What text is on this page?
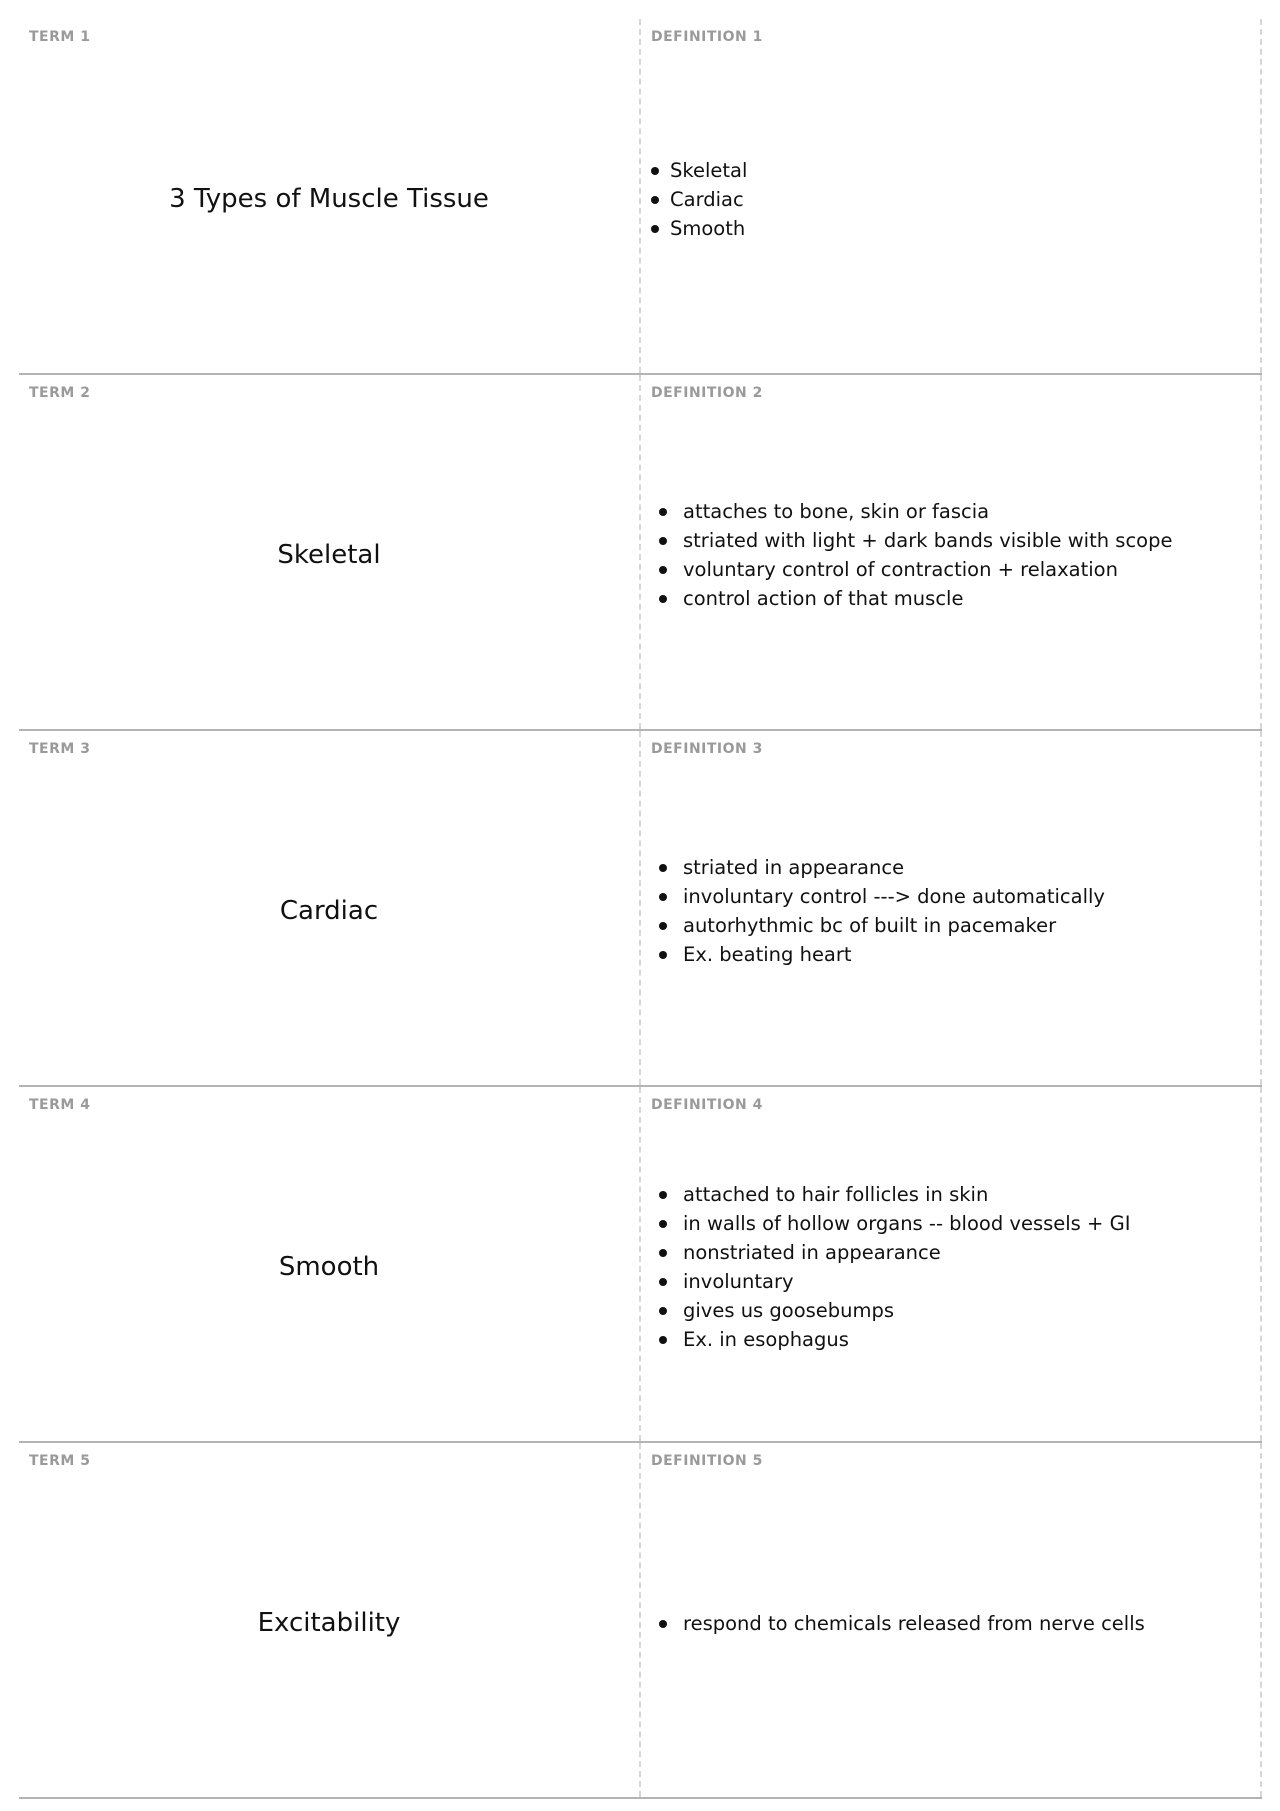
TERM 1
3 Types of Muscle Tissue
DEFINITION 1
Skeletal
Cardiac
Smooth
TERM 2
Skeletal
DEFINITION 2
attaches to bone, skin or fascia
striated with light + dark bands visible with scope
voluntary control of contraction + relaxation
control action of that muscle
TERM 3
Cardiac
DEFINITION 3
striated in appearance
involuntary control ---> done automatically
autorhythmic bc of built in pacemaker
Ex. beating heart
TERM 4
Smooth
DEFINITION 4
attached to hair follicles in skin
in walls of hollow organs -- blood vessels + GI
nonstriated in appearance
involuntary
gives us goosebumps
Ex. in esophagus
TERM 5
Excitability
DEFINITION 5
respond to chemicals released from nerve cells
